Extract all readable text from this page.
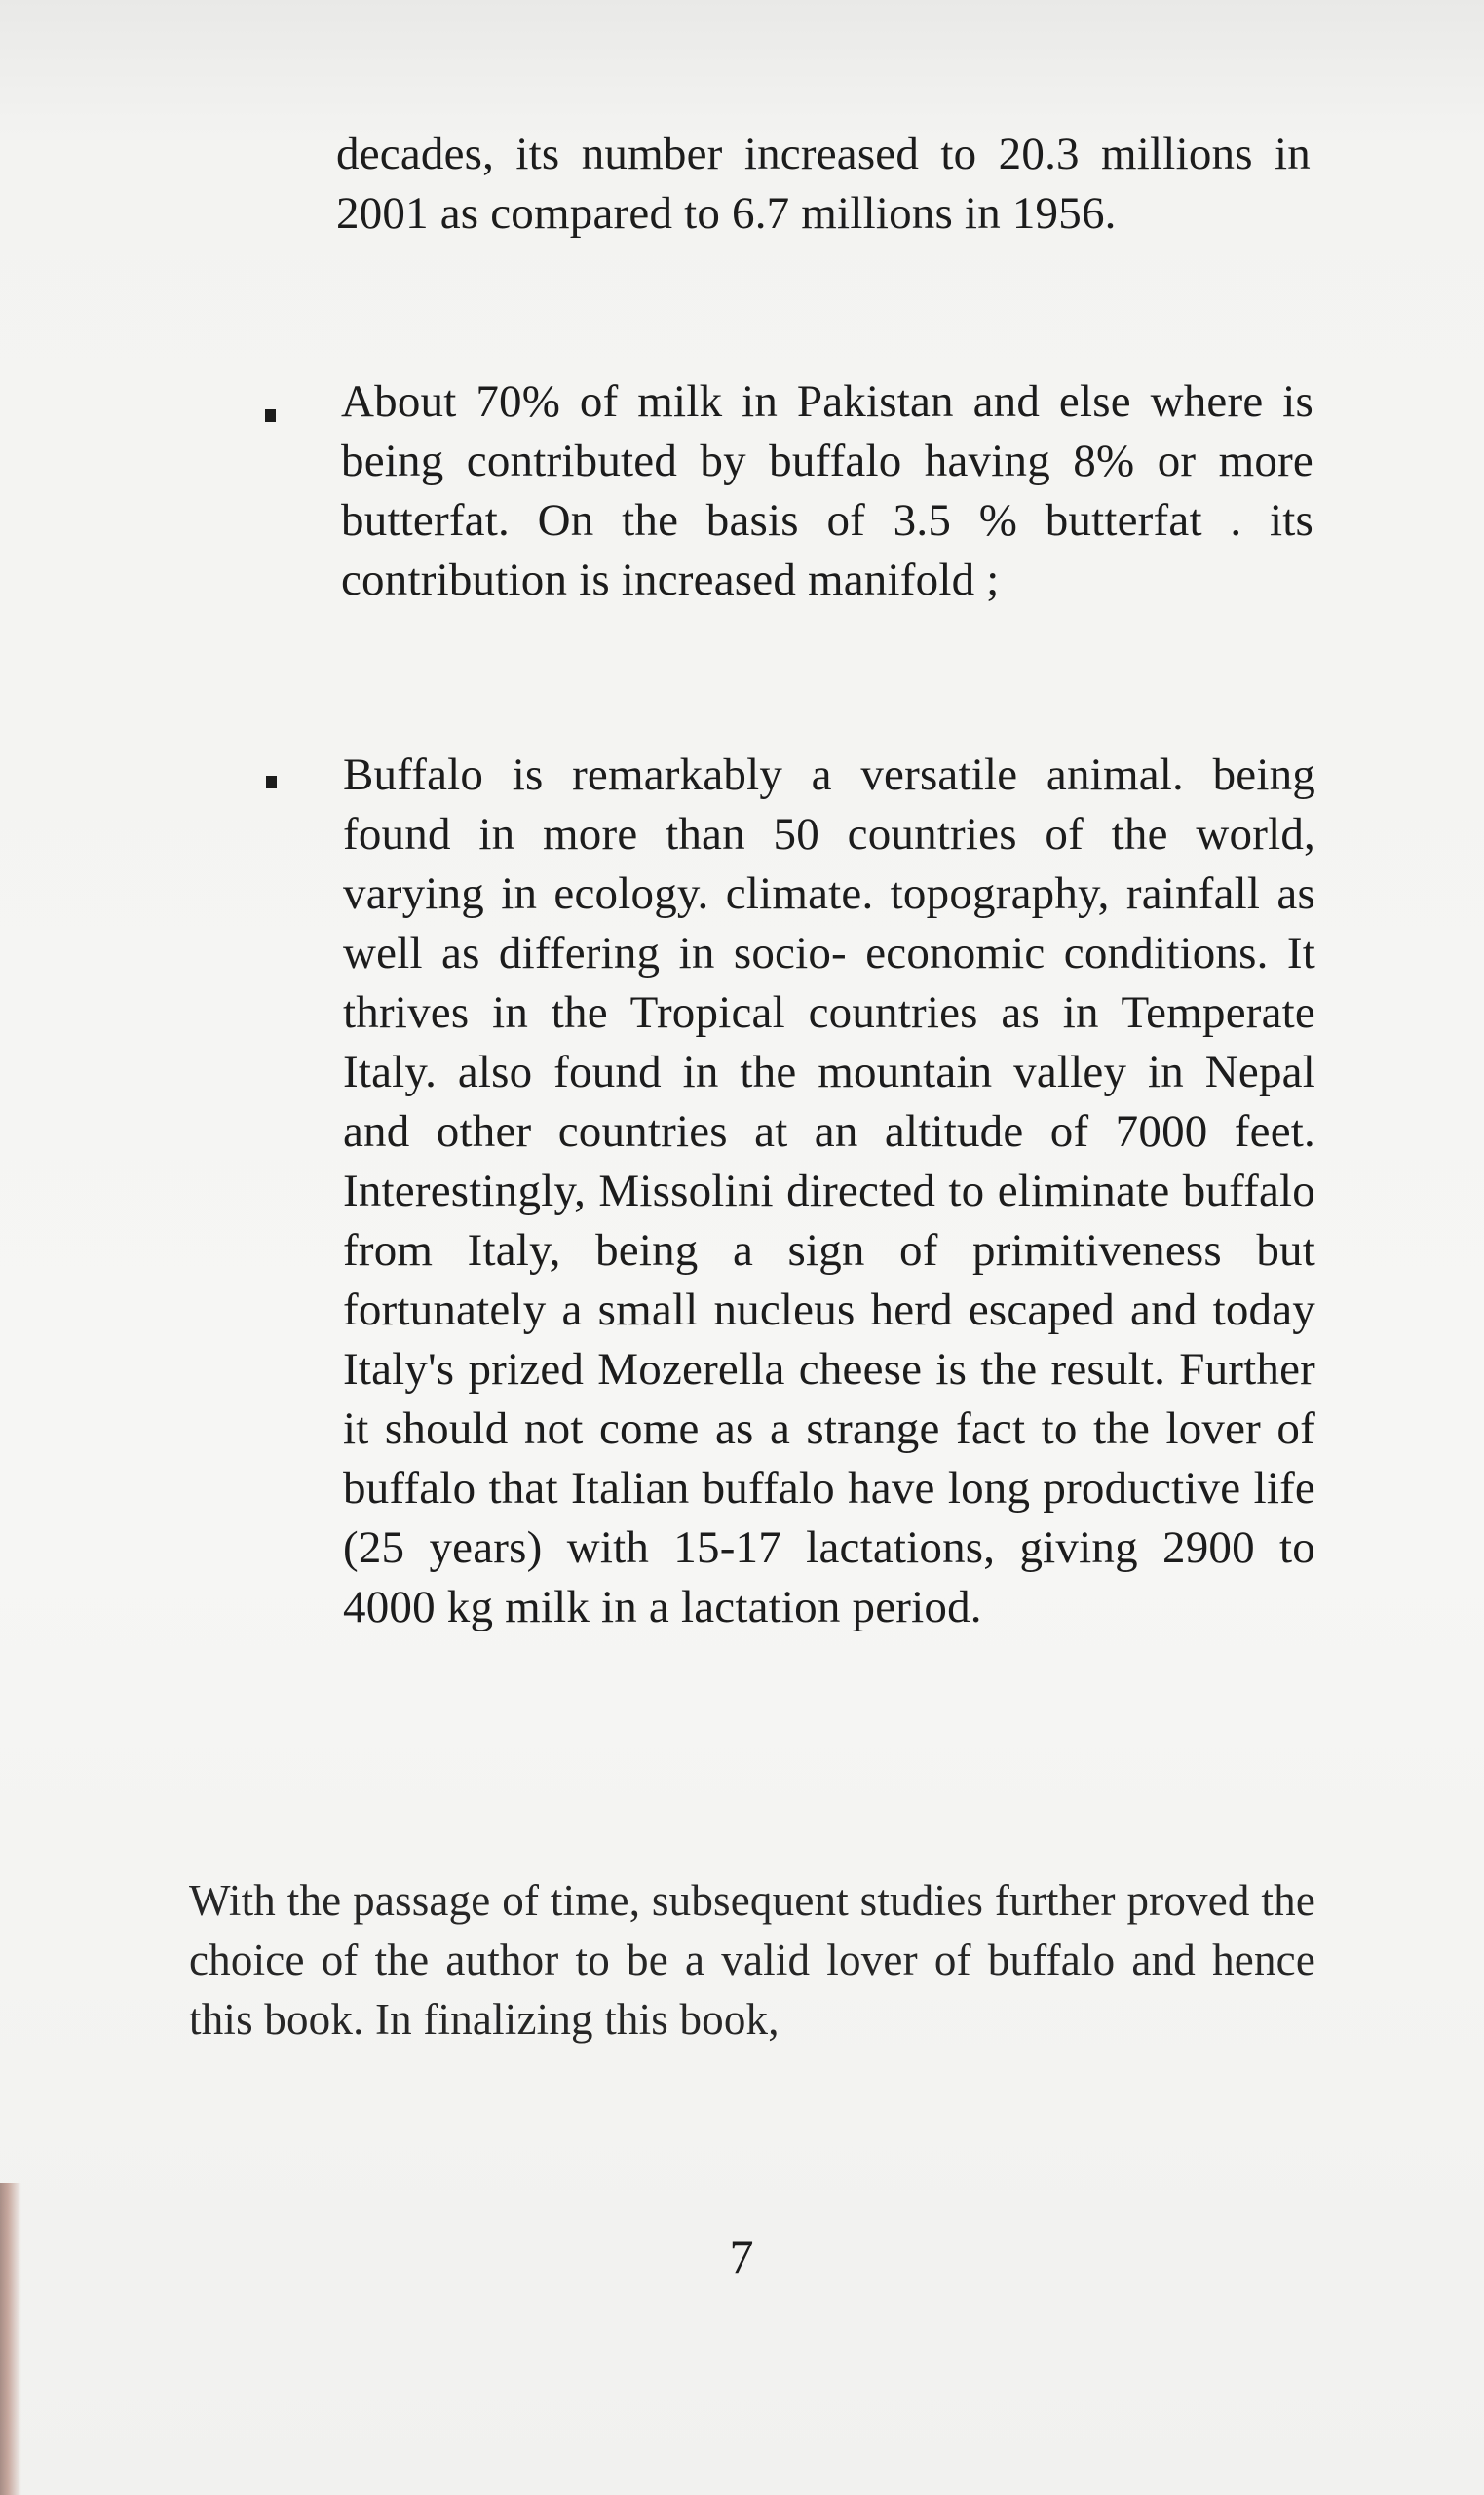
decades, its number increased to 20.3 millions in 2001 as compared to 6.7 millions in 1956.

About 70% of milk in Pakistan and else where is being contributed by buffalo having 8% or more butterfat. On the basis of 3.5 % butterfat . its contribution is increased manifold ;

Buffalo is remarkably a versatile animal. being found in more than 50 countries of the world, varying in ecology. climate. topography, rainfall as well as differing in socio- economic conditions. It thrives in the Tropical countries as in Temperate Italy. also found in the mountain valley in Nepal and other countries at an altitude of 7000 feet. Interestingly, Missolini directed to eliminate buffalo from Italy, being a sign of primitiveness but fortunately a small nucleus herd escaped and today Italy's prized Mozerella cheese is the result. Further it should not come as a strange fact to the lover of buffalo that Italian buffalo have long productive life (25 years) with 15-17 lactations, giving 2900 to 4000 kg milk in a lactation period.

With the passage of time, subsequent studies further proved the choice of the author to be a valid lover of buffalo and hence this book. In finalizing this book,

7
